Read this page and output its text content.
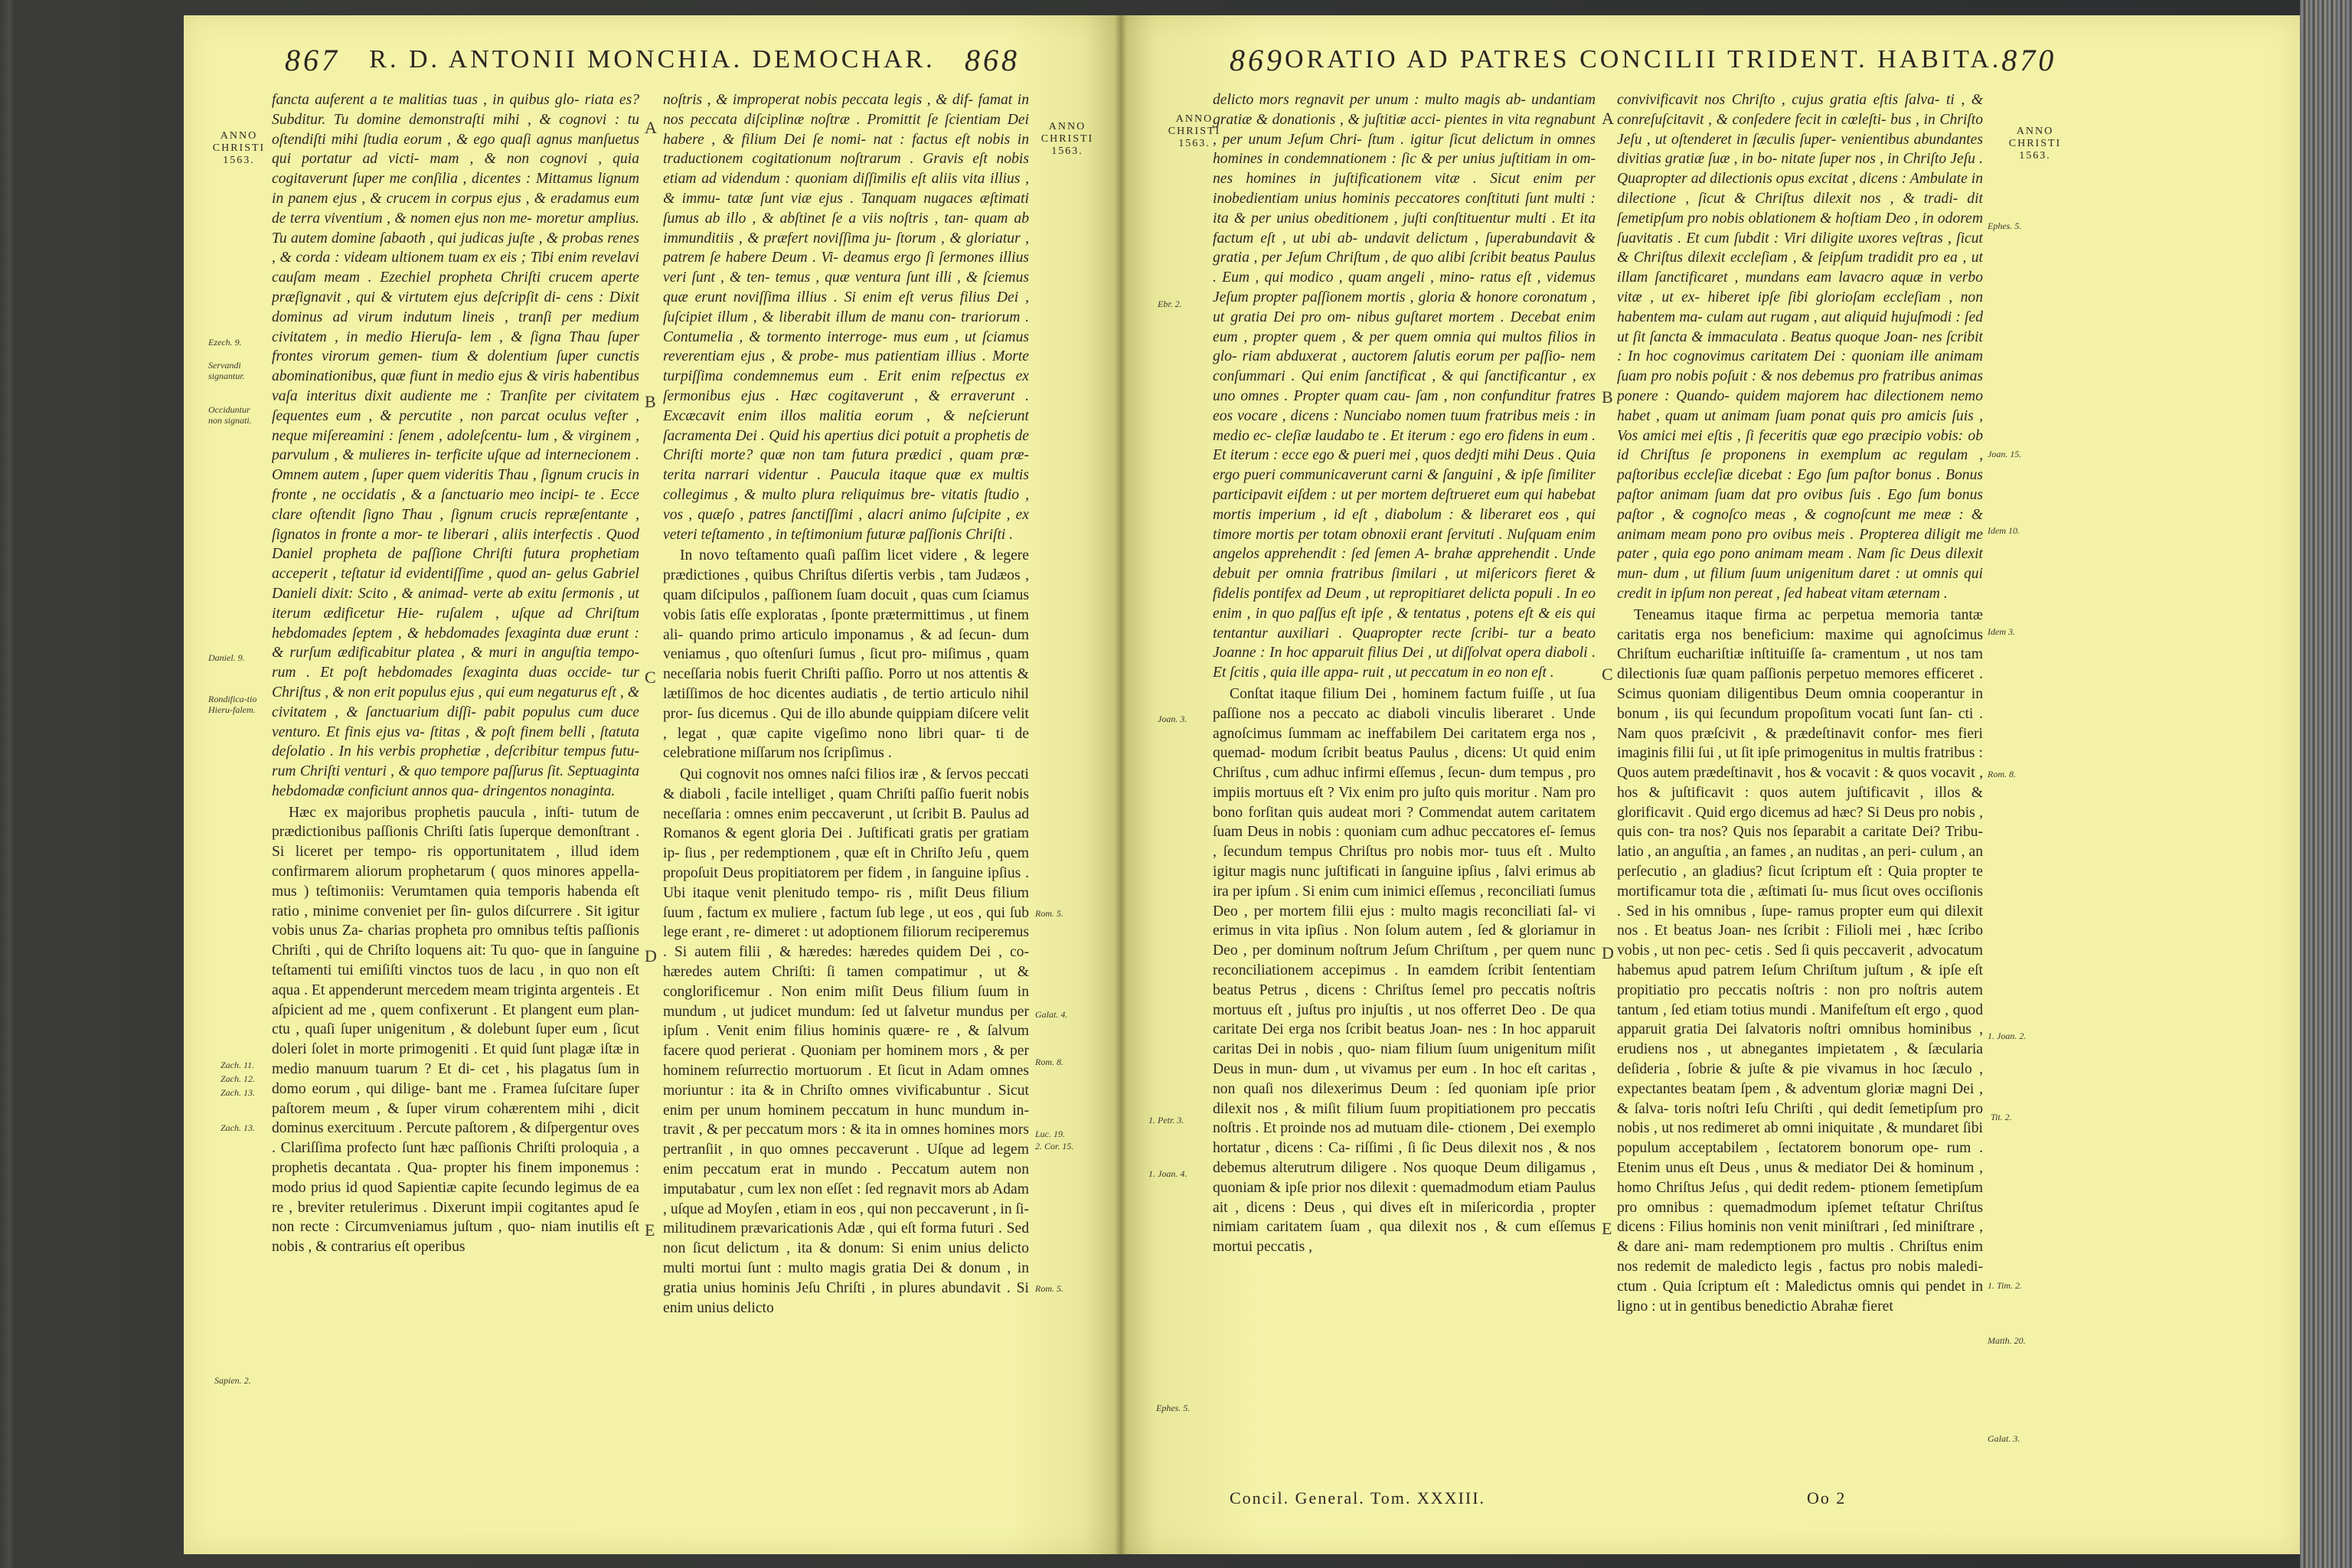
867 R. D. ANTONII MONCHIA. DEMOCHAR. 868
ANNO CHRISTI 1563.
ANNO CHRISTI 1563.
Ezech. 9.
Servandi signantur.
Occiduntur non signati.
Daniel. 9.
Rondifica-tio Hieru-falem.
Zach. 11.
Zach. 12.
Zach. 13.
Zach. 13.
Sapien. 2.
Rom. 5.
Galat. 4.
Rom. 8.
Luc. 19.
2. Cor. 15.
Rom. 5.
A
B
C
D
E

fancta auferent a te malitias tuas , in quibus glo- riata es? Subditur. Tu domine demonstraſti mihi , & cognovi : tu oſtendiſti mihi ſtudia eorum , & ego quaſi agnus manſuetus qui portatur ad victi- mam , & non cognovi , quia cogitaverunt ſuper me conſilia , dicentes : Mittamus lignum in panem ejus , & crucem in corpus ejus , & eradamus eum de terra viventium , & nomen ejus non me- moretur amplius. Tu autem domine ſabaoth , qui judicas juſte , & probas renes , & corda : videam ultionem tuam ex eis ; Tibi enim revelavi cauſam meam . Ezechiel propheta Chriſti crucem aperte præſignavit , qui & virtutem ejus deſcripſit di- cens : Dixit dominus ad virum indutum lineis , tranſi per medium civitatem , in medio Hieruſa- lem , & ſigna Thau ſuper frontes virorum gemen- tium & dolentium ſuper cunctis abominationibus, quæ fiunt in medio ejus & viris habentibus vaſa interitus dixit audiente me : Tranſite per civitatem ſequentes eum , & percutite , non parcat oculus veſter , neque miſereamini : ſenem , adoleſcentu- lum , & virginem , parvulum , & mulieres in- terficite uſque ad internecionem . Omnem autem , ſuper quem videritis Thau , ſignum crucis in fronte , ne occidatis , & a ſanctuario meo incipi- te . Ecce clare oſtendit ſigno Thau , ſignum crucis repræſentante , ſignatos in fronte a mor- te liberari , aliis interfectis . Quod Daniel propheta de paſſione Chriſti futura prophetiam acceperit , teſtatur id evidentiſſime , quod an- gelus Gabriel Danieli dixit: Scito , & animad- verte ab exitu ſermonis , ut iterum ædificetur Hie- ruſalem , uſque ad Chriſtum hebdomades ſeptem , & hebdomades ſexaginta duæ erunt : & rurſum ædificabitur platea , & muri in anguſtia tempo- rum . Et poſt hebdomades ſexaginta duas occide- tur Chriſtus , & non erit populus ejus , qui eum negaturus eſt , & civitatem , & ſanctuarium diſſi- pabit populus cum duce venturo. Et finis ejus va- ſtitas , & poſt finem belli , ſtatuta deſolatio . In his verbis prophetiæ , deſcribitur tempus futu- rum Chriſti venturi , & quo tempore paſſurus ſit. Septuaginta hebdomadæ conficiunt annos qua- dringentos nonaginta.

Hæc ex majoribus prophetis paucula , inſti- tutum de prædictionibus paſſionis Chriſti ſatis ſuperque demonſtrant . Si liceret per tempo- ris opportunitatem , illud idem confirmarem aliorum prophetarum ( quos minores appella- mus ) teſtimoniis: Verumtamen quia temporis habenda eſt ratio , minime conveniet per ſin- gulos diſcurrere . Sit igitur vobis unus Za- charias propheta pro omnibus teſtis paſſionis Chriſti , qui de Chriſto loquens ait: Tu quo- que in ſanguine teſtamenti tui emiſiſti vinctos tuos de lacu , in quo non eſt aqua . Et appenderunt mercedem meam triginta argenteis . Et aſpicient ad me , quem confixerunt . Et plangent eum plan- ctu , quaſi ſuper unigenitum , & dolebunt ſuper eum , ſicut doleri ſolet in morte primogeniti . Et quid ſunt plagæ iſtæ in medio manuum tuarum ? Et di- cet , his plagatus ſum in domo eorum , qui dilige- bant me . Framea ſuſcitare ſuper paſtorem meum , & ſuper virum cohærentem mihi , dicit dominus exercituum . Percute paſtorem , & diſpergentur oves . Clariſſima profecto ſunt hæc paſſionis Chriſti proloquia , a prophetis decantata . Qua- propter his finem imponemus : modo prius id quod Sapientiæ capite ſecundo legimus de ea re , breviter retulerimus . Dixerunt impii cogitantes apud ſe non recte : Circumveniamus juſtum , quo- niam inutilis eſt nobis , & contrarius eſt operibus

noſtris , & improperat nobis peccata legis , & dif- famat in nos peccata diſciplinæ noſtræ . Promittit ſe ſcientiam Dei habere , & filium Dei ſe nomi- nat : factus eſt nobis in traductionem cogitationum noſtrarum . Gravis eſt nobis etiam ad videndum : quoniam diſſimilis eſt aliis vita illius , & immu- tatæ ſunt viæ ejus . Tanquam nugaces æſtimati ſumus ab illo , & abſtinet ſe a viis noſtris , tan- quam ab immunditiis , & præfert noviſſima ju- ſtorum , & gloriatur , patrem ſe habere Deum . Vi- deamus ergo ſi ſermones illius veri ſunt , & ten- temus , quæ ventura ſunt illi , & ſciemus quæ erunt noviſſima illius . Si enim eſt verus filius Dei , ſuſcipiet illum , & liberabit illum de manu con- trariorum . Contumelia , & tormento interroge- mus eum , ut ſciamus reverentiam ejus , & probe- mus patientiam illius . Morte turpiſſima condemnemus eum . Erit enim reſpectus ex ſermonibus ejus . Hæc cogitaverunt , & erraverunt . Excæcavit enim illos malitia eorum , & neſcierunt ſacramenta Dei . Quid his apertius dici potuit a prophetis de Chriſti morte? quæ non tam futura prædici , quam præ- terita narrari videntur . Paucula itaque quæ ex multis collegimus , & multo plura reliquimus bre- vitatis ſtudio , vos , quæſo , patres ſanctiſſimi , alacri animo ſuſcipite , ex veteri teſtamento , in teſtimonium futuræ paſſionis Chriſti .

In novo teſtamento quaſi paſſim licet videre , & legere prædictiones , quibus Chriſtus diſertis verbis , tam Judæos , quam diſcipulos , paſſionem ſuam docuit , quas cum ſciamus vobis ſatis eſſe exploratas , ſponte prætermittimus , ut finem ali- quando primo articulo imponamus , & ad ſecun- dum veniamus , quo oſtenſuri ſumus , ſicut pro- miſimus , quam neceſſaria nobis fuerit Chriſti paſſio. Porro ut nos attentis & lætiſſimos de hoc dicentes audiatis , de tertio articulo nihil pror- ſus dicemus . Qui de illo abunde quippiam diſcere velit , legat , quæ capite vigeſimo nono libri quar- ti de celebratione miſſarum nos ſcripſimus .

Qui cognovit nos omnes naſci filios iræ , & ſervos peccati & diaboli , facile intelliget , quam Chriſti paſſio fuerit nobis neceſſaria : omnes enim peccaverunt , ut ſcribit B. Paulus ad Romanos & egent gloria Dei . Juſtificati gratis per gratiam ip- ſius , per redemptionem , quæ eſt in Chriſto Jeſu , quem propoſuit Deus propitiatorem per fidem , in ſanguine ipſius . Ubi itaque venit plenitudo tempo- ris , miſit Deus filium ſuum , factum ex muliere , factum ſub lege , ut eos , qui ſub lege erant , re- dimeret : ut adoptionem filiorum reciperemus . Si autem filii , & hæredes: hæredes quidem Dei , co- hæredes autem Chriſti: ſi tamen compatimur , ut & conglorificemur . Non enim miſit Deus filium ſuum in mundum , ut judicet mundum: ſed ut ſalvetur mundus per ipſum . Venit enim filius hominis quære- re , & ſalvum facere quod perierat . Quoniam per hominem mors , & per hominem reſurrectio mortuorum . Et ſicut in Adam omnes moriuntur : ita & in Chriſto omnes vivificabuntur . Sicut enim per unum hominem peccatum in hunc mundum in- travit , & per peccatum mors : & ita in omnes homines mors pertranſiit , in quo omnes peccaverunt . Uſque ad legem enim peccatum erat in mundo . Peccatum autem non imputabatur , cum lex non eſſet : ſed regnavit mors ab Adam , uſque ad Moyſen , etiam in eos , qui non peccaverunt , in ſi- militudinem prævaricationis Adæ , qui eſt forma futuri . Sed non ſicut delictum , ita & donum: Si enim unius delicto multi mortui ſunt : multo magis gratia Dei & donum , in gratia unius hominis Jeſu Chriſti , in plures abundavit . Si enim unius delicto

869 ORATIO AD PATRES CONCILII TRIDENT. HABITA. 870
ANNO CHRISTI 1563.
ANNO CHRISTI 1563.
Ebr. 2.
Joan. 3.
1. Petr. 3.
1. Joan. 4.
Ephes. 5.
Ephes. 5.
Joan. 15.
Idem 10.
Idem 3.
Rom. 8.
1. Joan. 2.
Tit. 2.
1. Tim. 2.
Matth. 20.
Galat. 3.
A
B
C
D
E

delicto mors regnavit per unum : multo magis ab- undantiam gratiæ & donationis , & juſtitiæ acci- pientes in vita regnabunt , per unum Jeſum Chri- ſtum . igitur ſicut delictum in omnes homines in condemnationem : ſic & per unius juſtitiam in om- nes homines in juſtificationem vitæ . Sicut enim per inobedientiam unius hominis peccatores conſtituti ſunt multi : ita & per unius obeditionem , juſti conſtituentur multi . Et ita factum eſt , ut ubi ab- undavit delictum , ſuperabundavit & gratia , per Jeſum Chriſtum , de quo alibi ſcribit beatus Paulus . Eum , qui modico , quam angeli , mino- ratus eſt , videmus Jeſum propter paſſionem mortis , gloria & honore coronatum , ut gratia Dei pro om- nibus guſtaret mortem . Decebat enim eum , propter quem , & per quem omnia qui multos filios in glo- riam abduxerat , auctorem ſalutis eorum per paſſio- nem conſummari . Qui enim ſanctificat , & qui ſanctificantur , ex uno omnes . Propter quam cau- ſam , non confunditur fratres eos vocare , dicens : Nunciabo nomen tuum fratribus meis : in medio ec- cleſiæ laudabo te . Et iterum : ego ero fidens in eum . Et iterum : ecce ego & pueri mei , quos dedjti mihi Deus . Quia ergo pueri communicaverunt carni & ſanguini , & ipſe ſimiliter participavit eiſdem : ut per mortem deſtrueret eum qui habebat mortis imperium , id eſt , diabolum : & liberaret eos , qui timore mortis per totam obnoxii erant ſervituti . Nuſquam enim angelos apprehendit : ſed ſemen A- brahæ apprehendit . Unde debuit per omnia fratribus ſimilari , ut miſericors fieret & fidelis pontifex ad Deum , ut repropitiaret delicta populi . In eo enim , in quo paſſus eſt ipſe , & tentatus , potens eſt & eis qui tentantur auxiliari . Quapropter recte ſcribi- tur a beato Joanne : In hoc apparuit filius Dei , ut diſſolvat opera diaboli . Et ſcitis , quia ille appa- ruit , ut peccatum in eo non eſt .

Conſtat itaque filium Dei , hominem factum fuiſſe , ut ſua paſſione nos a peccato ac diaboli vinculis liberaret . Unde agnoſcimus ſummam ac ineffabilem Dei caritatem erga nos , quemad- modum ſcribit beatus Paulus , dicens: Ut quid enim Chriſtus , cum adhuc infirmi eſſemus , ſecun- dum tempus , pro impiis mortuus eſt ? Vix enim pro juſto quis moritur . Nam pro bono forſitan quis audeat mori ? Commendat autem caritatem ſuam Deus in nobis : quoniam cum adhuc peccatores eſ- ſemus , ſecundum tempus Chriſtus pro nobis mor- tuus eſt . Multo igitur magis nunc juſtificati in ſanguine ipſius , ſalvi erimus ab ira per ipſum . Si enim cum inimici eſſemus , reconciliati ſumus Deo , per mortem filii ejus : multo magis reconciliati ſal- vi erimus in vita ipſius . Non ſolum autem , ſed & gloriamur in Deo , per dominum noſtrum Jeſum Chriſtum , per quem nunc reconciliationem accepimus . In eamdem ſcribit ſententiam beatus Petrus , dicens : Chriſtus ſemel pro peccatis noſtris mortuus eſt , juſtus pro injuſtis , ut nos offerret Deo . De qua caritate Dei erga nos ſcribit beatus Joan- nes : In hoc apparuit caritas Dei in nobis , quo- niam filium ſuum unigenitum miſit Deus in mun- dum , ut vivamus per eum . In hoc eſt caritas , non quaſi nos dilexerimus Deum : ſed quoniam ipſe prior dilexit nos , & miſit filium ſuum propitiationem pro peccatis noſtris . Et proinde nos ad mutuam dile- ctionem , Dei exemplo hortatur , dicens : Ca- riſſimi , ſi ſic Deus dilexit nos , & nos debemus alterutrum diligere . Nos quoque Deum diligamus , quoniam & ipſe prior nos dilexit : quemadmodum etiam Paulus ait , dicens : Deus , qui dives eſt in miſericordia , propter nimiam caritatem ſuam , qua dilexit nos , & cum eſſemus mortui peccatis ,

convivificavit nos Chriſto , cujus gratia eſtis ſalva- ti , & conreſuſcitavit , & conſedere fecit in cœleſti- bus , in Chriſto Jeſu , ut oſtenderet in ſæculis ſuper- venientibus abundantes divitias gratiæ ſuæ , in bo- nitate ſuper nos , in Chriſto Jeſu . Quapropter ad dilectionis opus excitat , dicens : Ambulate in dilectione , ſicut & Chriſtus dilexit nos , & tradi- dit ſemetipſum pro nobis oblationem & hoſtiam Deo , in odorem ſuavitatis . Et cum ſubdit : Viri diligite uxores veſtras , ſicut & Chriſtus dilexit eccleſiam , & ſeipſum tradidit pro ea , ut illam ſanctificaret , mundans eam lavacro aquæ in verbo vitæ , ut ex- hiberet ipſe ſibi glorioſam eccleſiam , non habentem ma- culam aut rugam , aut aliquid hujuſmodi : ſed ut ſit ſancta & immaculata . Beatus quoque Joan- nes ſcribit : In hoc cognovimus caritatem Dei : quoniam ille animam ſuam pro nobis poſuit : & nos debemus pro fratribus animas ponere : Quando- quidem majorem hac dilectionem nemo habet , quam ut animam ſuam ponat quis pro amicis ſuis , Vos amici mei eſtis , ſi feceritis quæ ego præcipio vobis: ob id Chriſtus ſe proponens in exemplum ac regulam , paſtoribus eccleſiæ dicebat : Ego ſum paſtor bonus . Bonus paſtor animam ſuam dat pro ovibus ſuis . Ego ſum bonus paſtor , & cognoſco meas , & cognoſcunt me meæ : & animam meam pono pro ovibus meis . Propterea diligit me pater , quia ego pono animam meam . Nam ſic Deus dilexit mun- dum , ut filium ſuum unigenitum daret : ut omnis qui credit in ipſum non pereat , ſed habeat vitam æternam .

Teneamus itaque firma ac perpetua memoria tantæ caritatis erga nos beneficium: maxime qui agnoſcimus Chriſtum euchariſtiæ inſtituiſſe ſa- cramentum , ut nos tam dilectionis ſuæ quam paſſionis perpetuo memores efficeret . Scimus quoniam diligentibus Deum omnia cooperantur in bonum , iis qui ſecundum propoſitum vocati ſunt ſan- cti . Nam quos præſcivit , & prædeſtinavit confor- mes fieri imaginis filii ſui , ut ſit ipſe primogenitus in multis fratribus : Quos autem prædeſtinavit , hos & vocavit : & quos vocavit , hos & juſtificavit : quos autem juſtificavit , illos & glorificavit . Quid ergo dicemus ad hæc? Si Deus pro nobis , quis con- tra nos? Quis nos ſeparabit a caritate Dei? Tribu- latio , an anguſtia , an fames , an nuditas , an peri- culum , an perſecutio , an gladius? ſicut ſcriptum eſt : Quia propter te mortificamur tota die , æſtimati ſu- mus ſicut oves occiſionis . Sed in his omnibus , ſupe- ramus propter eum qui dilexit nos . Et beatus Joan- nes ſcribit : Filioli mei , hæc ſcribo vobis , ut non pec- cetis . Sed ſi quis peccaverit , advocatum habemus apud patrem Ieſum Chriſtum juſtum , & ipſe eſt propitiatio pro peccatis noſtris : non pro noſtris autem tantum , ſed etiam totius mundi . Manifeſtum eſt ergo , quod apparuit gratia Dei ſalvatoris noſtri omnibus hominibus , erudiens nos , ut abnegantes impietatem , & ſæcularia deſideria , ſobrie & juſte & pie vivamus in hoc ſæculo , expectantes beatam ſpem , & adventum gloriæ magni Dei , & ſalva- toris noſtri Ieſu Chriſti , qui dedit ſemetipſum pro nobis , ut nos redimeret ab omni iniquitate , & mundaret ſibi populum acceptabilem , ſectatorem bonorum ope- rum . Etenim unus eſt Deus , unus & mediator Dei & hominum , homo Chriſtus Jeſus , qui dedit redem- ptionem ſemetipſum pro omnibus : quemadmodum ipſemet teſtatur Chriſtus dicens : Filius hominis non venit miniſtrari , ſed miniſtrare , & dare ani- mam redemptionem pro multis . Chriſtus enim nos redemit de maledicto legis , factus pro nobis maledi- ctum . Quia ſcriptum eſt : Maledictus omnis qui pendet in ligno : ut in gentibus benedictio Abrahæ fieret

Concil. General. Tom. XXXIII.	Oo 2
